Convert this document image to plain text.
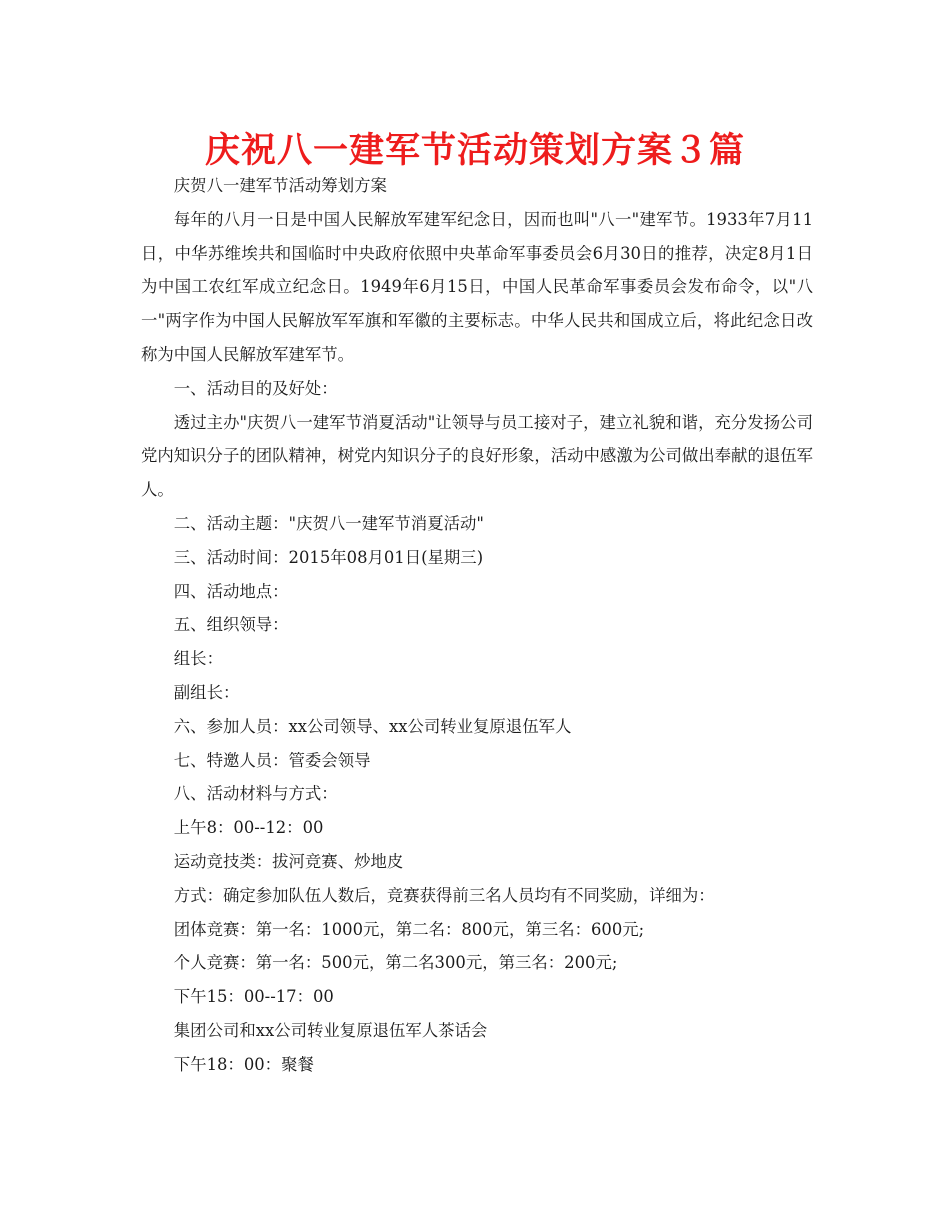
庆祝八一建军节活动策划方案３篇

庆贺八一建军节活动筹划方案

每年的八月一日是中国人民解放军建军纪念日，因而也叫"八一"建军节。1933年7月11日，中华苏维埃共和国临时中央政府依照中央革命军事委员会6月30日的推荐，决定8月1日为中国工农红军成立纪念日。1949年6月15日，中国人民革命军事委员会发布命令，以"八一"两字作为中国人民解放军军旗和军徽的主要标志。中华人民共和国成立后，将此纪念日改称为中国人民解放军建军节。

一、活动目的及好处：

透过主办"庆贺八一建军节消夏活动"让领导与员工接对子，建立礼貌和谐，充分发扬公司党内知识分子的团队精神，树党内知识分子的良好形象，活动中感激为公司做出奉献的退伍军人。

二、活动主题："庆贺八一建军节消夏活动"

三、活动时间：2015年08月01日(星期三)

四、活动地点：

五、组织领导：

组长：

副组长：

六、参加人员：xx公司领导、xx公司转业复原退伍军人

七、特邀人员：管委会领导

八、活动材料与方式：

上午8：00--12：00

运动竞技类：拔河竞赛、炒地皮

方式：确定参加队伍人数后，竞赛获得前三名人员均有不同奖励，详细为：

团体竞赛：第一名：1000元，第二名：800元，第三名：600元;

个人竞赛：第一名：500元，第二名300元，第三名：200元;

下午15：00--17：00

集团公司和xx公司转业复原退伍军人茶话会

下午18：00：聚餐
